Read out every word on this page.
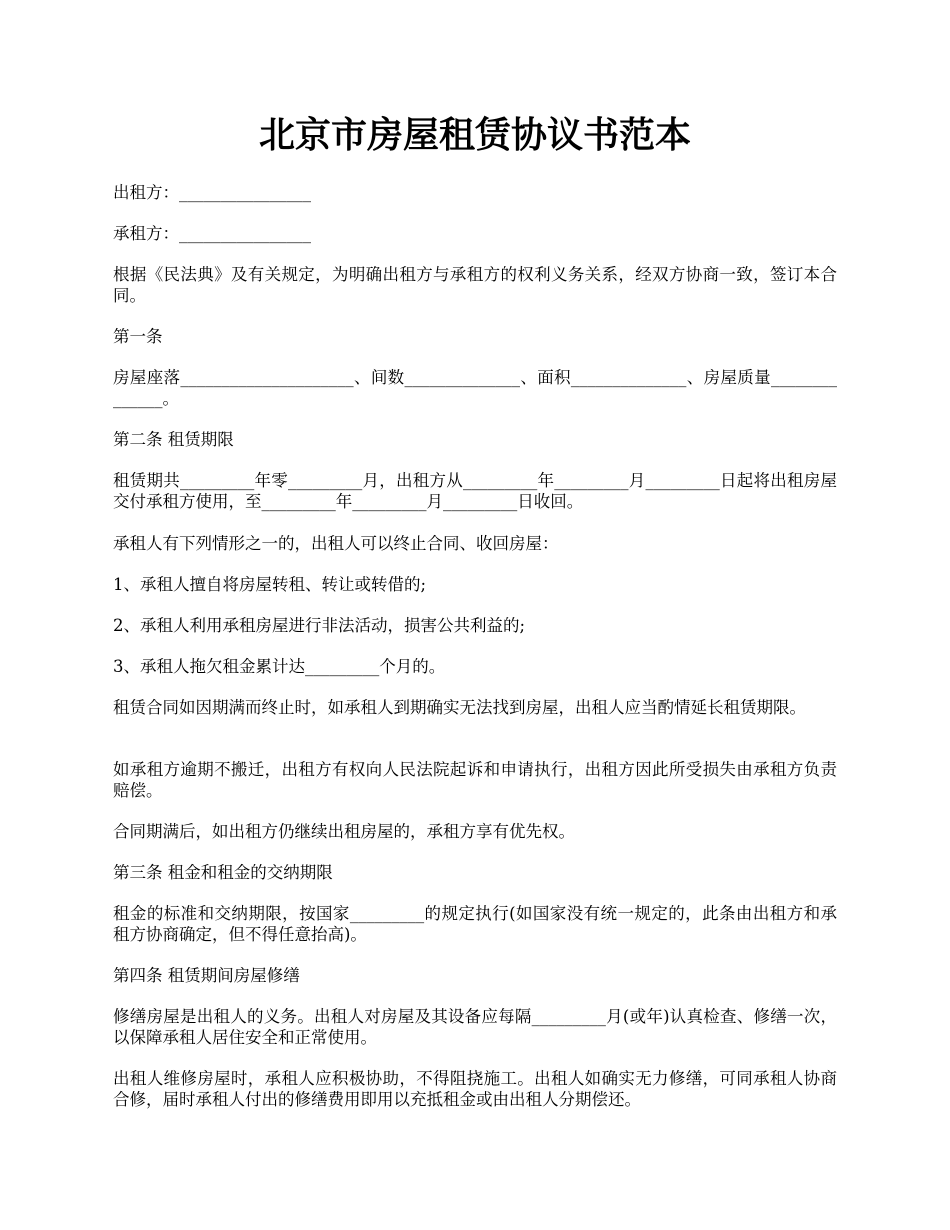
北京市房屋租赁协议书范本

出租方：________________

承租方：________________

根据《民法典》及有关规定，为明确出租方与承租方的权利义务关系，经双方协商一致，签订本合同。

第一条

房屋座落_____________________、间数______________、面积______________、房屋质量______________。

第二条 租赁期限

租赁期共_________年零_________月，出租方从_________年_________月_________日起将出租房屋交付承租方使用，至_________年_________月_________日收回。

承租人有下列情形之一的，出租人可以终止合同、收回房屋：

1、承租人擅自将房屋转租、转让或转借的;

2、承租人利用承租房屋进行非法活动，损害公共利益的;

3、承租人拖欠租金累计达_________个月的。

租赁合同如因期满而终止时，如承租人到期确实无法找到房屋，出租人应当酌情延长租赁期限。

如承租方逾期不搬迁，出租方有权向人民法院起诉和申请执行，出租方因此所受损失由承租方负责赔偿。

合同期满后，如出租方仍继续出租房屋的，承租方享有优先权。

第三条 租金和租金的交纳期限

租金的标准和交纳期限，按国家_________的规定执行(如国家没有统一规定的，此条由出租方和承租方协商确定，但不得任意抬高)。

第四条 租赁期间房屋修缮

修缮房屋是出租人的义务。出租人对房屋及其设备应每隔_________月(或年)认真检查、修缮一次，以保障承租人居住安全和正常使用。

出租人维修房屋时，承租人应积极协助，不得阻挠施工。出租人如确实无力修缮，可同承租人协商合修，届时承租人付出的修缮费用即用以充抵租金或由出租人分期偿还。
